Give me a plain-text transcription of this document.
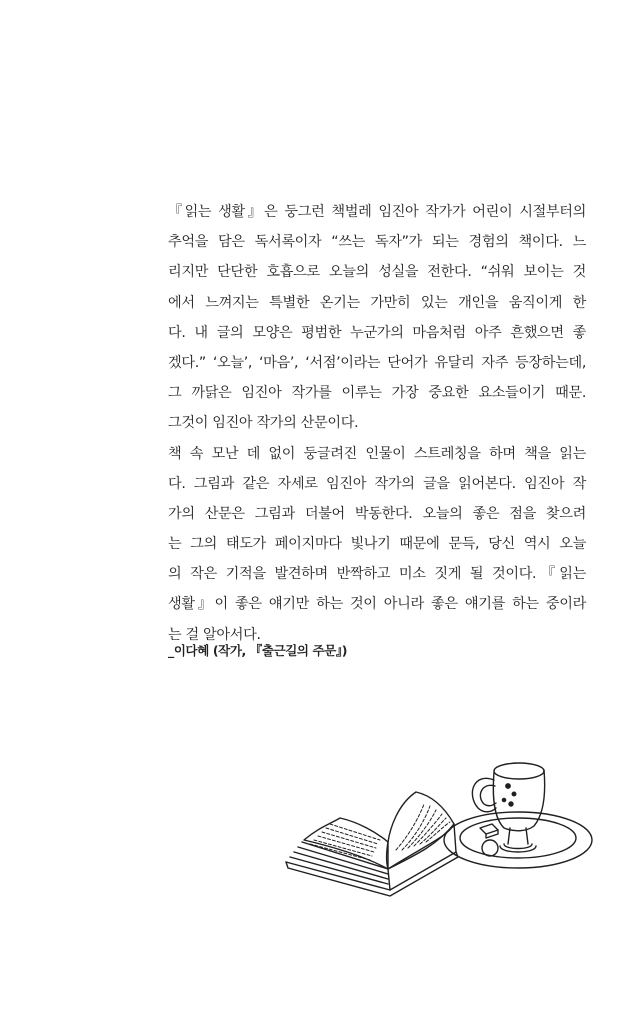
『읽는 생활』은 둥그런 책벌레 임진아 작가가 어린이 시절부터의
추억을 담은 독서록이자 “쓰는 독자”가 되는 경험의 책이다. 느
리지만 단단한 호흡으로 오늘의 성실을 전한다. “쉬워 보이는 것
에서 느껴지는 특별한 온기는 가만히 있는 개인을 움직이게 한
다. 내 글의 모양은 평범한 누군가의 마음처럼 아주 흔했으면 좋
겠다.” ‘오늘’, ‘마음’, ‘서점’이라는 단어가 유달리 자주 등장하는데,
그 까닭은 임진아 작가를 이루는 가장 중요한 요소들이기 때문.
그것이 임진아 작가의 산문이다.
책 속 모난 데 없이 둥글려진 인물이 스트레칭을 하며 책을 읽는
다. 그림과 같은 자세로 임진아 작가의 글을 읽어본다. 임진아 작
가의 산문은 그림과 더불어 박동한다. 오늘의 좋은 점을 찾으려
는 그의 태도가 페이지마다 빛나기 때문에 문득, 당신 역시 오늘
의 작은 기적을 발견하며 반짝하고 미소 짓게 될 것이다.『읽는
생활』이 좋은 얘기만 하는 것이 아니라 좋은 얘기를 하는 중이라
는 걸 알아서다.
_이다혜 (작가, 『출근길의 주문』)
